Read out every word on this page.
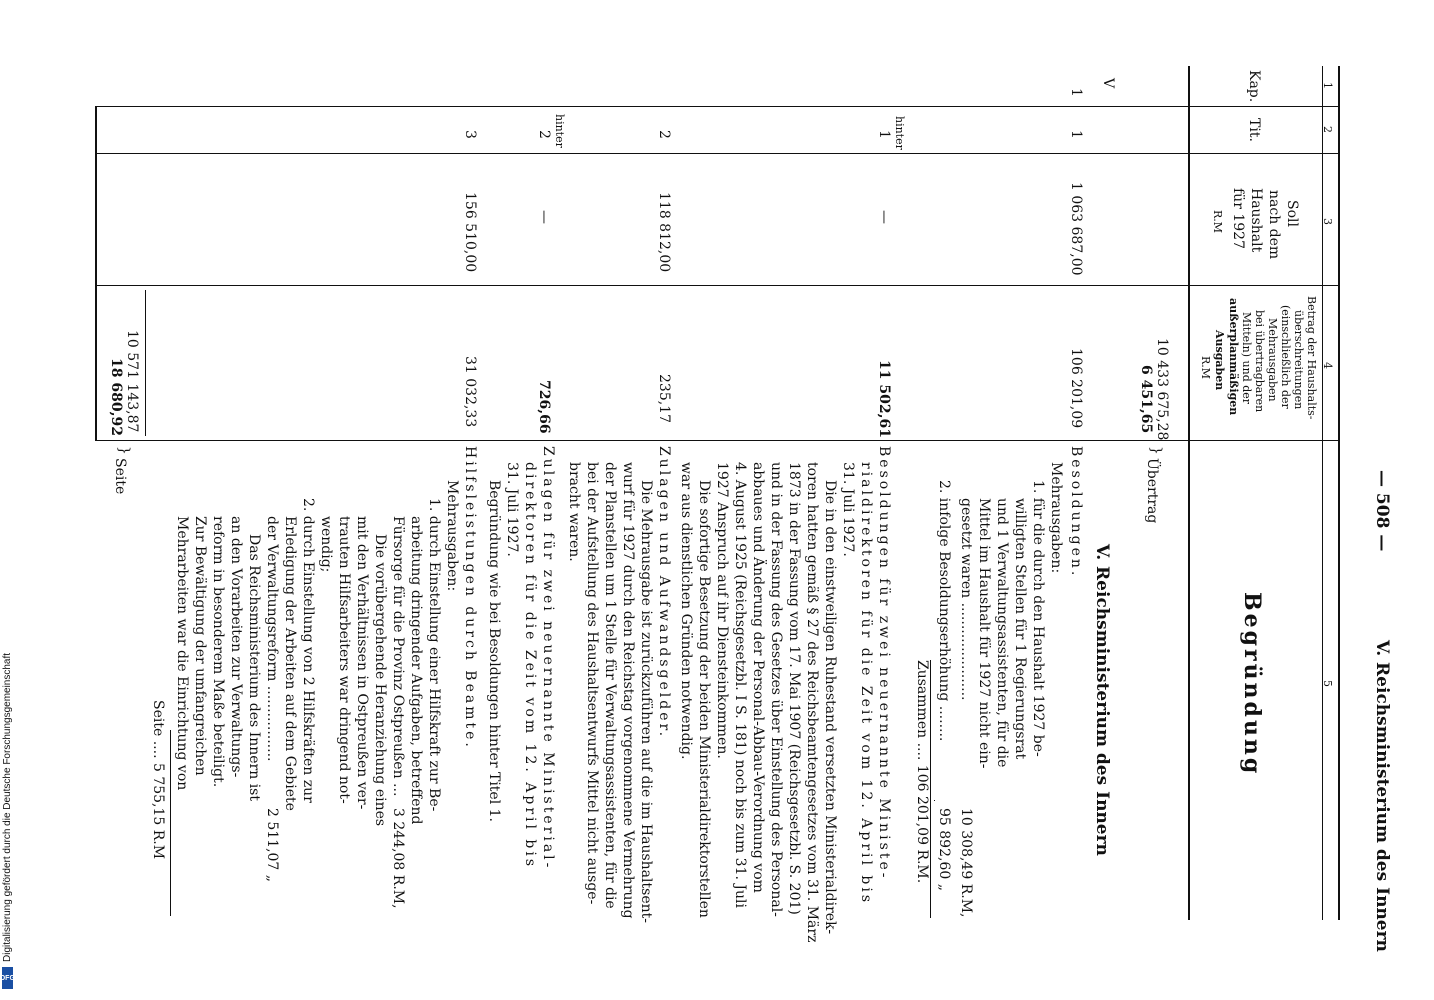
V. Reichsministerium des Innern
— 508 —
1
2
3
4
5
Kap.
Tit.
Soll
nach dem
Haushalt
für 1927
R.M
Betrag der Haushalts-
überschreitungen
(einschließlich der
Mehrausgaben
bei übertragbaren
Mitteln) und der
außerplanmäßigen
Ausgaben
R.M
Begründung
10 433 675,28
6 451,65
}
Übertrag
V
1
V. Reichsministerium des Innern
1
1 063 687,00
106 201,09
Besoldungen.
Mehrausgaben:
1. für die durch den Haushalt 1927 be-
willigten Stellen für 1 Regierungsrat
und 1 Verwaltungsassistenten, für die
Mittel im Haushalt für 1927 nicht ein-
gesetzt waren ......................
10 308,49 R.M,
2. infolge Besoldungserhöhung ........
95 892,60 „
Zusammen .... 106 201,09 R.M.
hinter
1
—
11 502,61
Besoldungen für zwei neuernannte Ministe-
rialdirektoren für die Zeit vom 12. April bis
31. Juli 1927.
Die in den einstweiligen Ruhestand versetzten Ministerialdirek-
toren hatten gemäß § 27 des Reichsbeamtengesetzes vom 31. März
1873 in der Fassung vom 17. Mai 1907 (Reichsgesetzbl. S. 201)
und in der Fassung des Gesetzes über Einstellung des Personal-
abbaues und Änderung der Personal-Abbau-Verordnung vom
4. August 1925 (Reichsgesetzbl. I S. 181) noch bis zum 31. Juli
1927 Anspruch auf ihr Diensteinkommen.
Die sofortige Besetzung der beiden Ministerialdirektorstellen
war aus dienstlichen Gründen notwendig.
2
118 812,00
235,17
Zulagen und Aufwandsgelder.
Die Mehrausgabe ist zurückzuführen auf die im Haushaltsent-
wurf für 1927 durch den Reichstag vorgenommene Vermehrung
der Planstellen um 1 Stelle für Verwaltungsassistenten, für die
bei der Aufstellung des Haushaltsentwurfs Mittel nicht ausge-
bracht waren.
hinter
2
—
726,66
Zulagen für zwei neuernannte Ministerial-
direktoren für die Zeit vom 12. April bis
31. Juli 1927.
Begründung wie bei Besoldungen hinter Titel 1.
3
156 510,00
31 032,33
Hilfsleistungen durch Beamte.
Mehrausgaben:
1. durch Einstellung einer Hilfskraft zur Be-
arbeitung dringender Aufgaben, betreffend
Fürsorge für die Provinz Ostpreußen ...
3 244,08 R.M,
Die vorübergehende Heranziehung eines
mit den Verhältnissen in Ostpreußen ver-
trauten Hilfsarbeiters war dringend not-
wendig;
2. durch Einstellung von 2 Hilfskräften zur
Erledigung der Arbeiten auf dem Gebiete
der Verwaltungsreform .................
2 511,07 „
Das Reichsministerium des Innern ist
an den Vorarbeiten zur Verwaltungs-
reform in besonderem Maße beteiligt.
Zur Bewältigung der umfangreichen
Mehrarbeiten war die Einrichtung von
Seite .... 5 755,15 R.M
10 571 143,87
18 680,92
}
Seite
Digitalisierung gefördert durch die Deutsche Forschungsgemeinschaft
DFG
